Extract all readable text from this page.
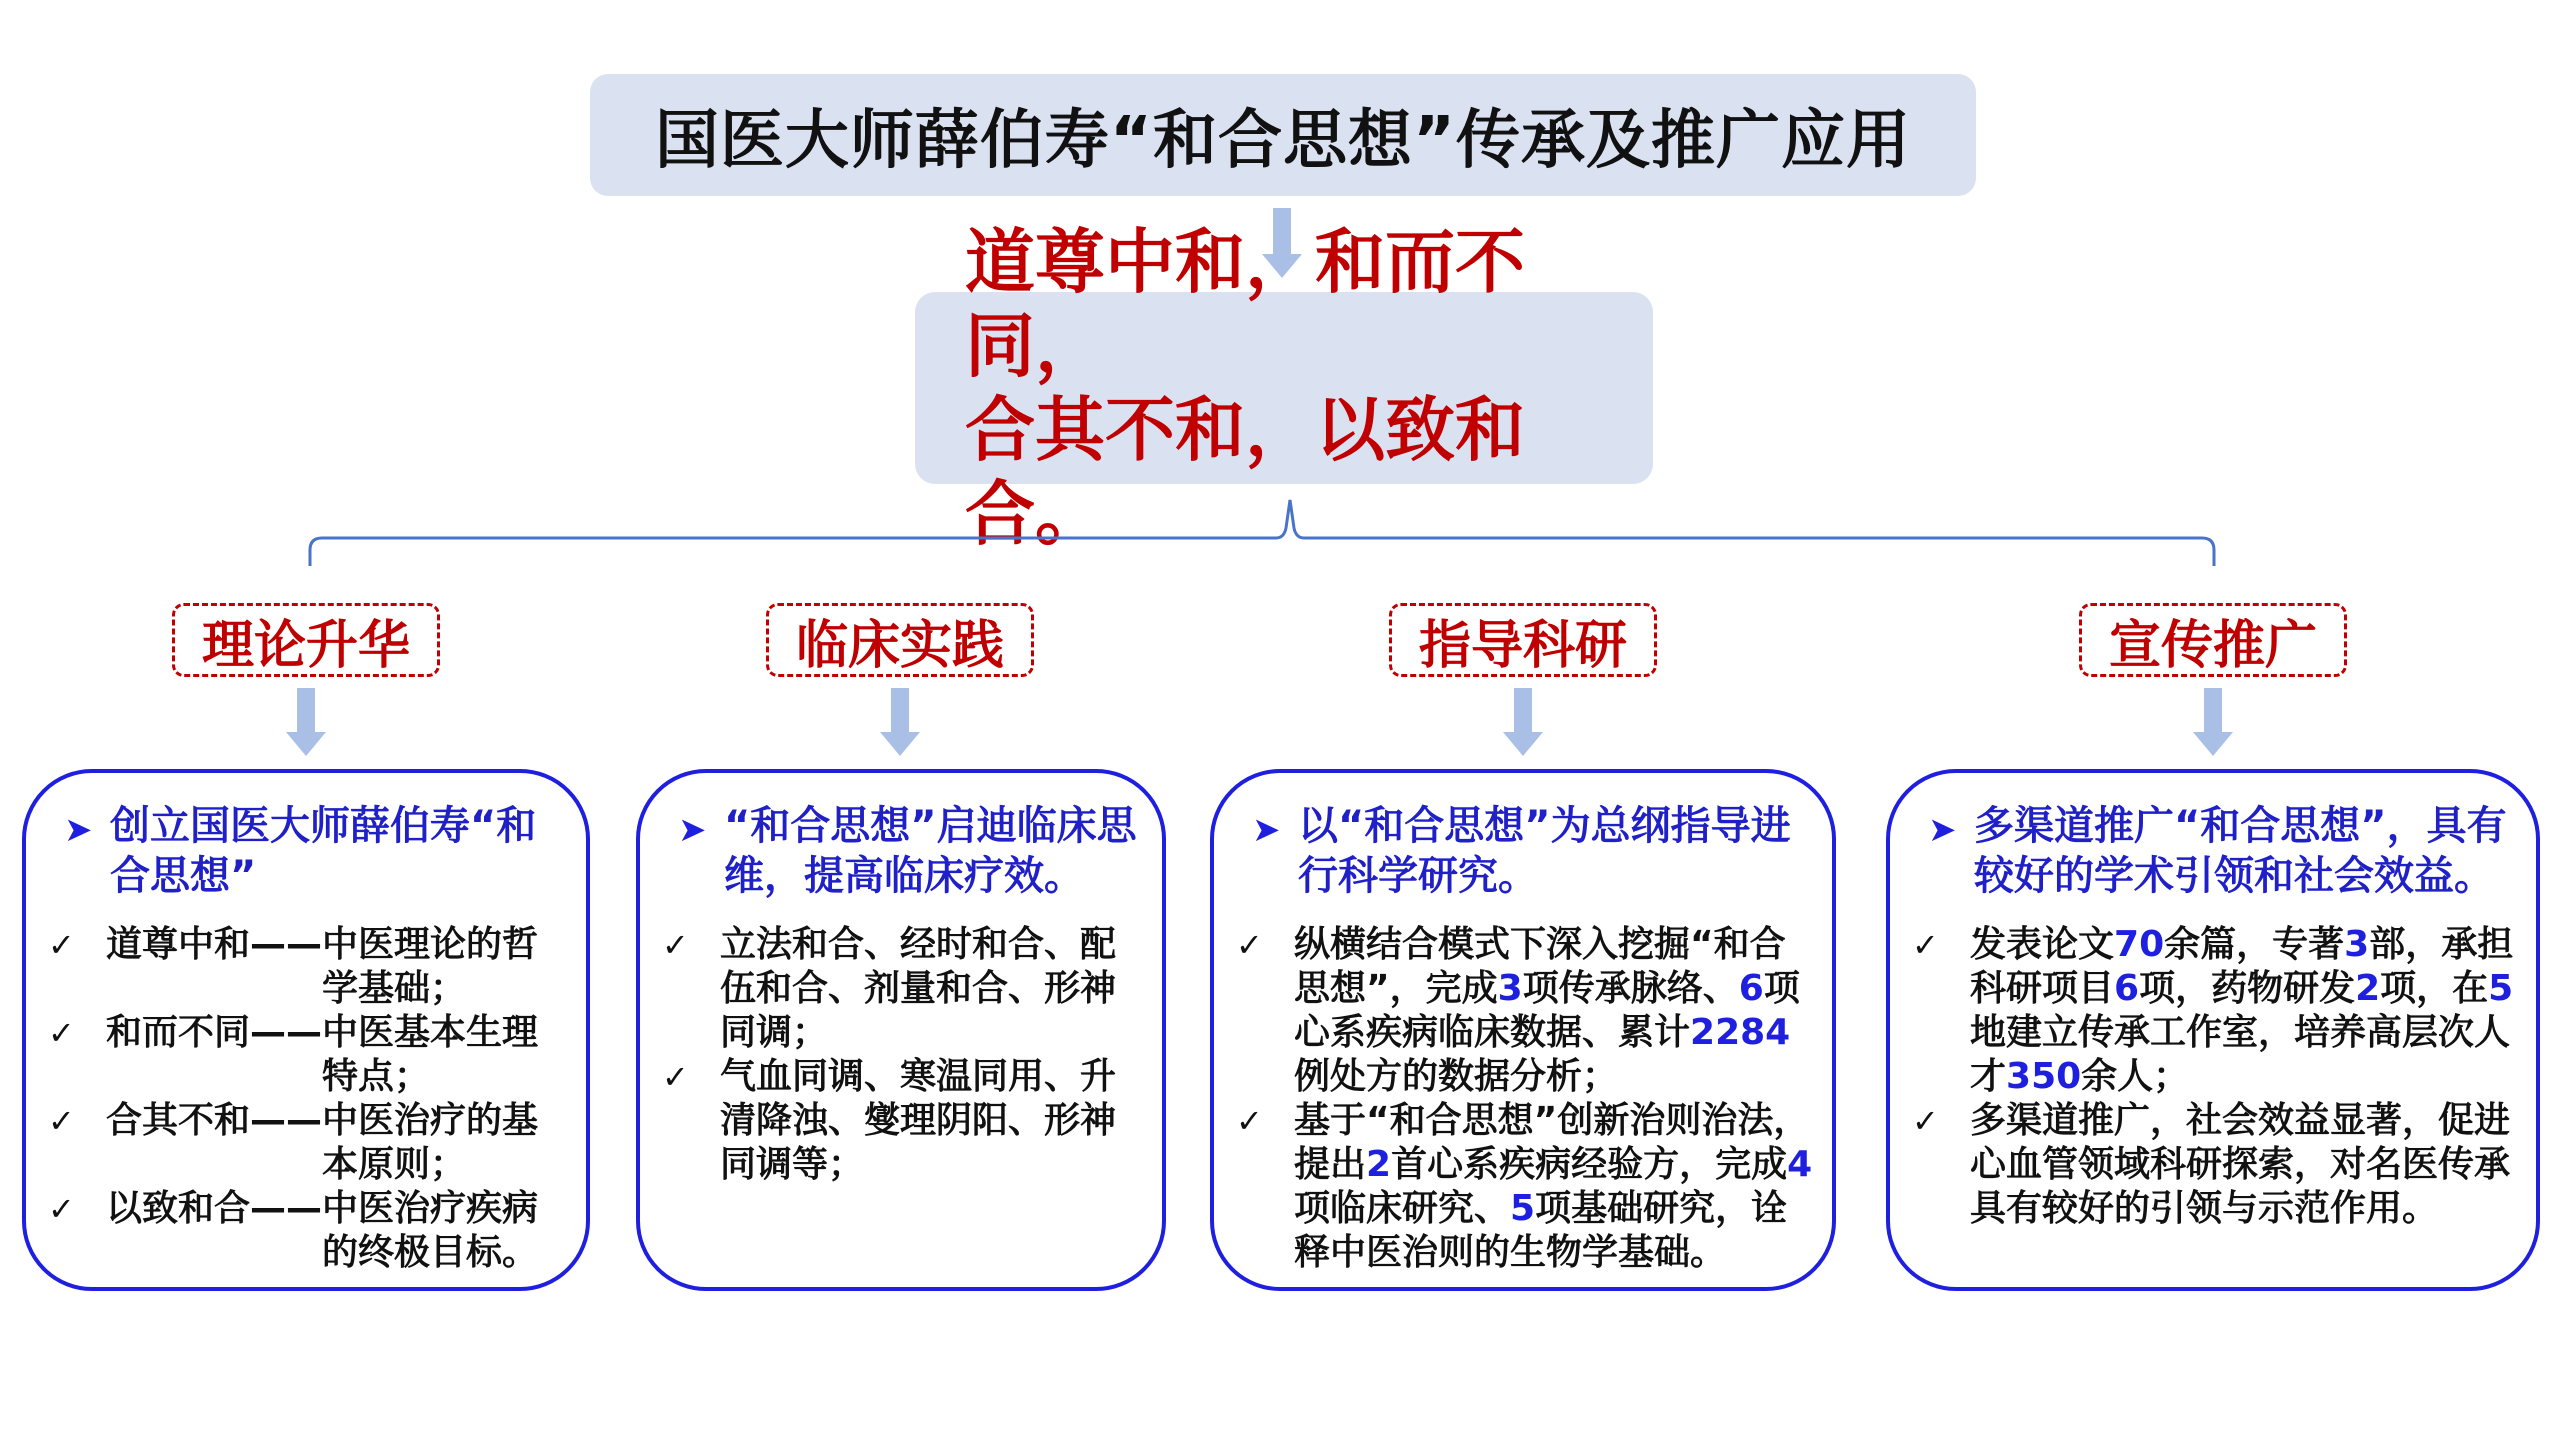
国医大师薛伯寿“和合思想”传承及推广应用
道尊中和，和而不同，
合其不和，以致和合。
理论升华	临床实践	指导科研	宣传推广
➤ 创立国医大师薛伯寿“和合思想”
✓ 道尊中和—— 中医理论的哲学基础；
✓ 和而不同—— 中医基本生理特点；
✓ 合其不和—— 中医治疗的基本原则；
✓ 以致和合—— 中医治疗疾病的终极目标。
➤ “和合思想”启迪临床思维，提高临床疗效。
✓ 立法和合、经时和合、配伍和合、剂量和合、形神同调；
✓ 气血同调、寒温同用、升清降浊、燮理阴阳、形神同调等；
➤ 以“和合思想”为总纲指导进行科学研究。
✓ 纵横结合模式下深入挖掘“和合思想”，完成3项传承脉络、6项心系疾病临床数据、累计2284例处方的数据分析；
✓ 基于“和合思想”创新治则治法，提出2首心系疾病经验方，完成4项临床研究、5项基础研究，诠释中医治则的生物学基础。
➤ 多渠道推广“和合思想”，具有较好的学术引领和社会效益。
✓ 发表论文70余篇，专著3部，承担科研项目6项，药物研发2项，在5地建立传承工作室，培养高层次人才350余人；
✓ 多渠道推广，社会效益显著，促进心血管领域科研探索，对名医传承具有较好的引领与示范作用。
